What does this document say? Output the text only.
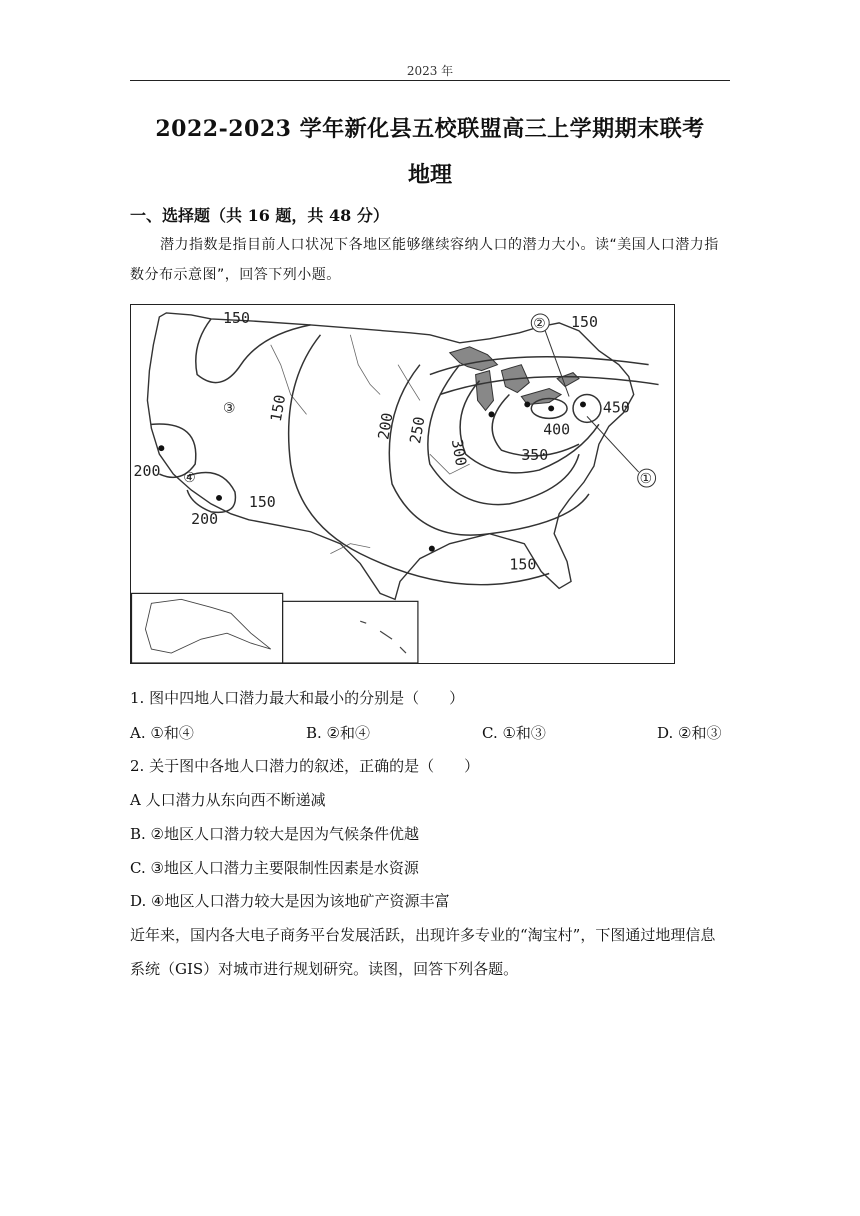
2023 年
2022-2023 学年新化县五校联盟高三上学期期末联考
地理
一、选择题（共 16 题，共 48 分）
潜力指数是指目前人口状况下各地区能够继续容纳人口的潜力大小。读“美国人口潜力指数分布示意图”，回答下列小题。
150	150
150
150
150
450
400
350
300
250
200
200
200
①
②
③
④
1. 图中四地人口潜力最大和最小的分别是（　　）
A. ①和④	B. ②和④	C. ①和③	D. ②和③
2. 关于图中各地人口潜力的叙述，正确的是（　　）
A 人口潜力从东向西不断递减
B. ②地区人口潜力较大是因为气候条件优越
C. ③地区人口潜力主要限制性因素是水资源
D. ④地区人口潜力较大是因为该地矿产资源丰富
近年来，国内各大电子商务平台发展活跃，出现许多专业的“淘宝村”，下图通过地理信息系统（GIS）对城市进行规划研究。读图，回答下列各题。
